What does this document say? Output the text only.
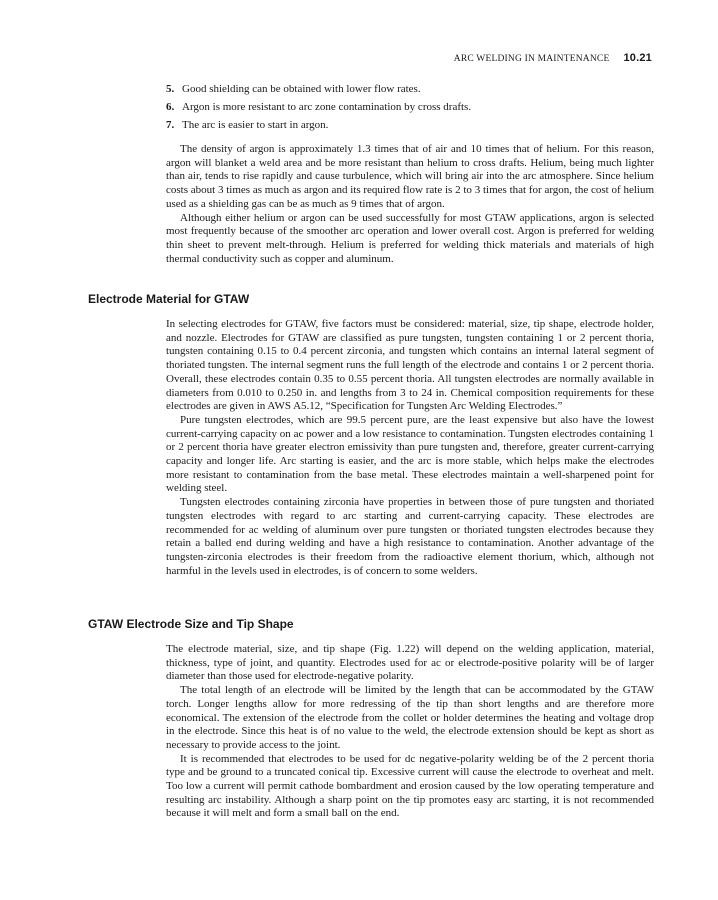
ARC WELDING IN MAINTENANCE 10.21
5. Good shielding can be obtained with lower flow rates.
6. Argon is more resistant to arc zone contamination by cross drafts.
7. The arc is easier to start in argon.

The density of argon is approximately 1.3 times that of air and 10 times that of helium. For this reason, argon will blanket a weld area and be more resistant than helium to cross drafts. Helium, being much lighter than air, tends to rise rapidly and cause turbulence, which will bring air into the arc atmosphere. Since helium costs about 3 times as much as argon and its required flow rate is 2 to 3 times that for argon, the cost of helium used as a shielding gas can be as much as 9 times that of argon.

Although either helium or argon can be used successfully for most GTAW applications, argon is selected most frequently because of the smoother arc operation and lower overall cost. Argon is preferred for welding thin sheet to prevent melt-through. Helium is preferred for welding thick materials and materials of high thermal conductivity such as copper and aluminum.

Electrode Material for GTAW

In selecting electrodes for GTAW, five factors must be considered: material, size, tip shape, electrode holder, and nozzle. Electrodes for GTAW are classified as pure tungsten, tungsten containing 1 or 2 percent thoria, tungsten containing 0.15 to 0.4 percent zirconia, and tungsten which contains an internal lateral segment of thoriated tungsten. The internal segment runs the full length of the electrode and contains 1 or 2 percent thoria. Overall, these electrodes contain 0.35 to 0.55 percent thoria. All tungsten electrodes are normally available in diameters from 0.010 to 0.250 in. and lengths from 3 to 24 in. Chemical composition requirements for these electrodes are given in AWS A5.12, “Specification for Tungsten Arc Welding Electrodes.”

Pure tungsten electrodes, which are 99.5 percent pure, are the least expensive but also have the lowest current-carrying capacity on ac power and a low resistance to contamination. Tungsten electrodes containing 1 or 2 percent thoria have greater electron emissivity than pure tungsten and, therefore, greater current-carrying capacity and longer life. Arc starting is easier, and the arc is more stable, which helps make the electrodes more resistant to contamination from the base metal. These electrodes maintain a well-sharpened point for welding steel.

Tungsten electrodes containing zirconia have properties in between those of pure tungsten and thoriated tungsten electrodes with regard to arc starting and current-carrying capacity. These electrodes are recommended for ac welding of aluminum over pure tungsten or thoriated tungsten electrodes because they retain a balled end during welding and have a high resistance to contamination. Another advantage of the tungsten-zirconia electrodes is their freedom from the radioactive element thorium, which, although not harmful in the levels used in electrodes, is of concern to some welders.

GTAW Electrode Size and Tip Shape

The electrode material, size, and tip shape (Fig. 1.22) will depend on the welding application, material, thickness, type of joint, and quantity. Electrodes used for ac or electrode-positive polarity will be of larger diameter than those used for electrode-negative polarity.

The total length of an electrode will be limited by the length that can be accommodated by the GTAW torch. Longer lengths allow for more redressing of the tip than short lengths and are therefore more economical. The extension of the electrode from the collet or holder determines the heating and voltage drop in the electrode. Since this heat is of no value to the weld, the electrode extension should be kept as short as necessary to provide access to the joint.

It is recommended that electrodes to be used for dc negative-polarity welding be of the 2 percent thoria type and be ground to a truncated conical tip. Excessive current will cause the electrode to overheat and melt. Too low a current will permit cathode bombardment and erosion caused by the low operating temperature and resulting arc instability. Although a sharp point on the tip promotes easy arc starting, it is not recommended because it will melt and form a small ball on the end.
